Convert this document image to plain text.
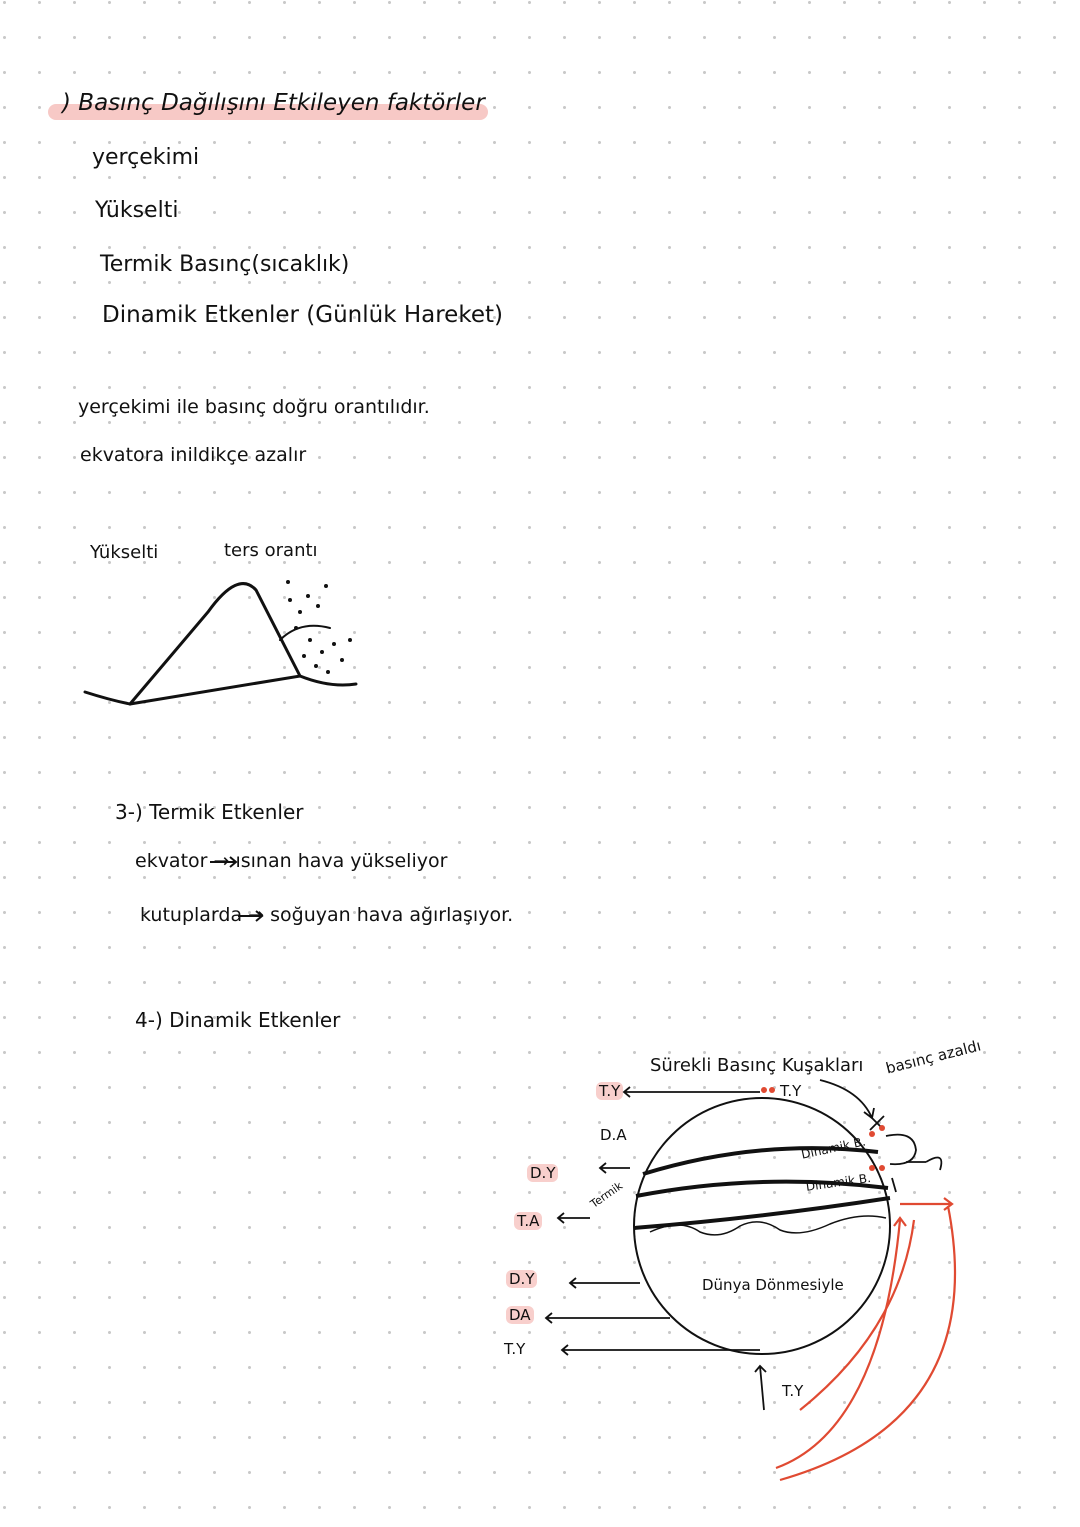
) Basınç Dağılışını Etkileyen faktörler
yerçekimi
Yükselti
Termik Basınç(sıcaklık)
Dinamik Etkenler (Günlük Hareket)
yerçekimi ile basınç doğru orantılıdır.
ekvatora inildikçe azalır
Yükselti	ters orantı
3-) Termik Etkenler
ekvator → ısınan hava yükseliyor
kutuplarda → soğuyan hava ağırlaşıyor.
4-) Dinamik Etkenler
Sürekli Basınç Kuşakları basınç azaldı
T.Y
T.Y
D.A
D.Y
T.A
D.Y
DA
T.Y
Termik
Dinamik B.
Dinamik B.
Dünya Dönmesiyle
T.Y
